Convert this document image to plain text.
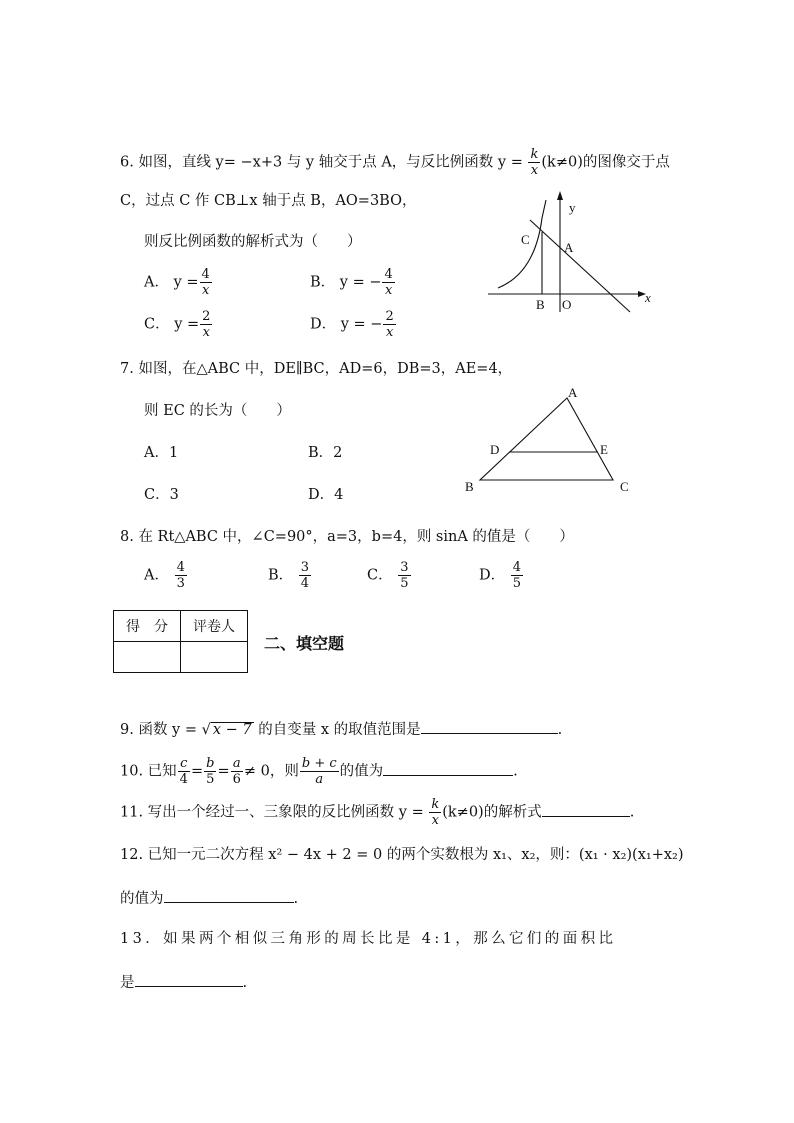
6. 如图，直线 y= −x+3 与 y 轴交于点 A，与反比例函数 $y = \frac{k}{x} (k\ne 0)$的图像交于点
C，过点 C 作 CB⊥x 轴于点 B，AO=3BO，
则反比例函数的解析式为（　　）
A． $y = \frac{4}{x}$	B． y = − $\frac{4}{x}$
C． $y = \frac{2}{x}$	D． y = − $\frac{2}{x}$
y
x
C
A
B O
7. 如图，在△ABC 中，DE∥BC，AD=6，DB=3，AE=4，
则 EC 的长为（　　）
A．1	B．2
C．3	D．4
A
B	C
D	E
8. 在 Rt△ABC 中，∠C=90°，a=3，b=4，则 sinA 的值是（　　）
A． $\frac{4}{3}$	B． $\frac{3}{4}$	C． $\frac{3}{5}$	D． $\frac{4}{5}$
得　分	评卷人

二、填空题
9. 函数 y = √ x − 7 的自变量 x 的取值范围是	.
10. 已知 $\frac{c}{4} = \frac{b}{5} = \frac{a}{6} \ne 0$，则 $\frac{b + c}{a}$ 的值为	.
11. 写出一个经过一、三象限的反比例函数 $y = \frac{k}{x} (k\ne 0)$的解析式	.
12. 已知一元二次方程 x² − 4x + 2 = 0 的两个实数根为 x₁、x₂，则：(x₁ · x₂)(x₁+x₂)
的值为	.
13．如果两个相似三角形的周长比是 4:1，那么它们的面积比
是	.
